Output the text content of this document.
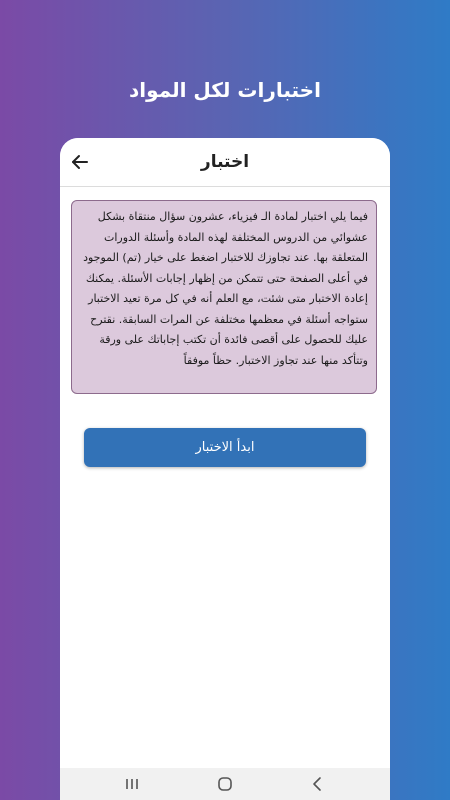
اختبارات لكل المواد
اختبار
فيما يلي اختبار لمادة الـ فيزياء، عشرون سؤال منتقاة بشكل عشوائي من الدروس المختلفة لهذه المادة وأسئلة الدورات المتعلقة بها. عند تجاوزك للاختبار اضغط على خيار (تم) الموجود في أعلى الصفحة حتى تتمكن من إظهار إجابات الأسئلة. يمكنك إعادة الاختبار متى شئت، مع العلم أنه في كل مرة تعيد الاختبار ستواجه أسئلة في معظمها مختلفة عن المرات السابقة. نقترح عليك للحصول على أقصى فائدة أن تكتب إجاباتك على ورقة وتتأكد منها عند تجاوز الاختبار. حظاً موفقاً
ابدأ الاختبار
